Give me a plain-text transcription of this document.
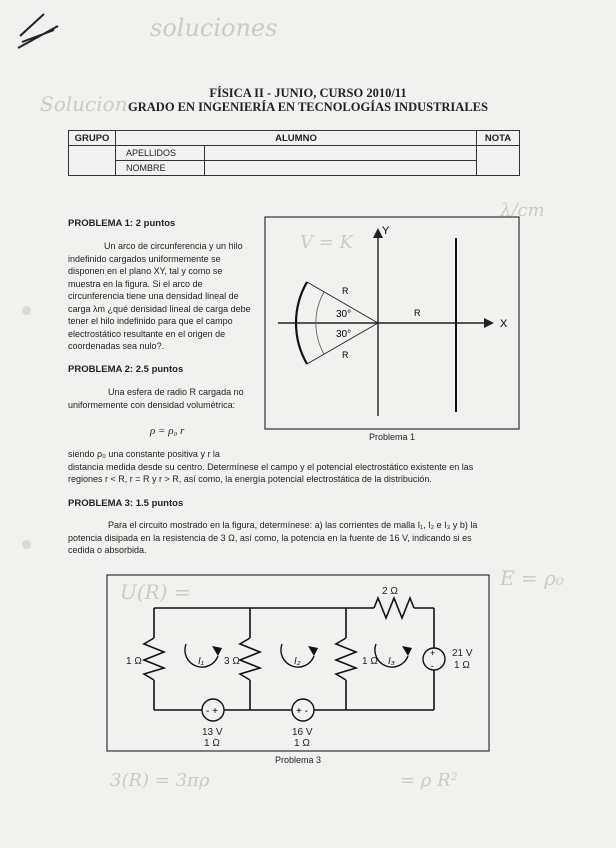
soluciones
Solucion
V = K
λ/cm
U(R) =
E = ρ₀
3(R) = 3πρ	= ρ R²
FÍSICA II - JUNIO, CURSO 2010/11
GRADO EN INGENIERÍA EN TECNOLOGÍAS INDUSTRIALES
GRUPO	ALUMNO		NOTA
	APELLIDOS		
	NOMBRE		
PROBLEMA 1: 2 puntos
Un arco de circunferencia y un hilo
indefinido cargados uniformemente se
disponen en el plano XY, tal y como se
muestra en la figura. Si el arco de
circunferencia tiene una densidad lineal de
carga λm ¿qué densidad lineal de carga debe
tener el hilo indefinido para que el campo
electrostático resultante en el origen de
coordenadas sea nulo?.
Y
X
R
R
30°
30°
R
Problema 1
PROBLEMA 2: 2.5 puntos
Una esfera de radio R cargada no
uniformemente con densidad volumétrica:
ρ = ρ₀ r
siendo ρ₀ una constante positiva y r la
distancia medida desde su centro. Determínese el campo y el potencial electrostático existente en las
regiones r < R, r = R y r > R, así como, la energía potencial electrostática de la distribución.
PROBLEMA 3: 1.5 puntos
Para el circuito mostrado en la figura, determínese: a) las corrientes de malla I₁, I₂ e I₃ y b) la
potencia disipada en la resistencia de 3 Ω, así como, la potencia en la fuente de 16 V, indicando si es
cedida o absorbida.
- +	+ -
+
-
1 Ω	3 Ω	1 Ω
2 Ω
I₁	I₂	I₃
13 V
1 Ω
16 V
1 Ω
21 V
1 Ω
Problema 3
